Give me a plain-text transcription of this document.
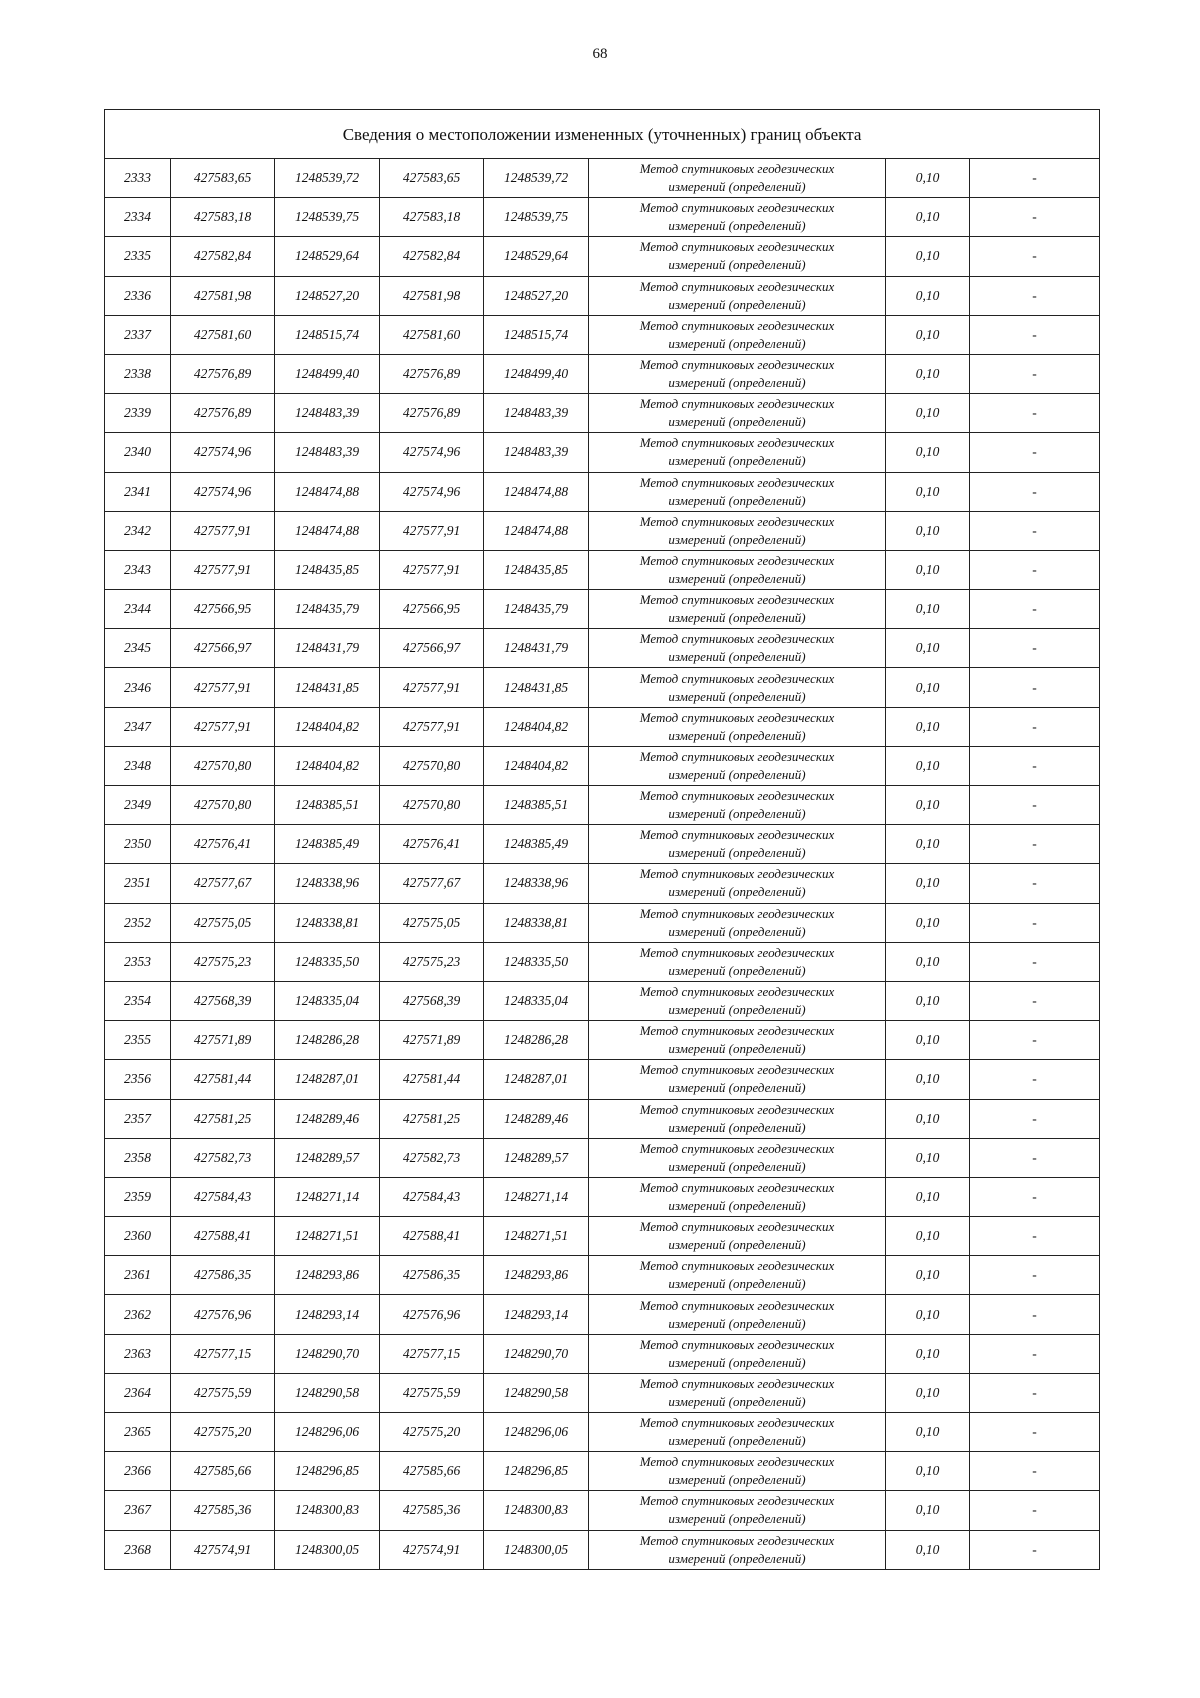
68
Сведения о местоположении измененных (уточненных) границ объекта							
2333	427583,65	1248539,72	427583,65	1248539,72	Метод спутниковых геодезических
измерений (определений)	0,10	-
2334	427583,18	1248539,75	427583,18	1248539,75	Метод спутниковых геодезических
измерений (определений)	0,10	-
2335	427582,84	1248529,64	427582,84	1248529,64	Метод спутниковых геодезических
измерений (определений)	0,10	-
2336	427581,98	1248527,20	427581,98	1248527,20	Метод спутниковых геодезических
измерений (определений)	0,10	-
2337	427581,60	1248515,74	427581,60	1248515,74	Метод спутниковых геодезических
измерений (определений)	0,10	-
2338	427576,89	1248499,40	427576,89	1248499,40	Метод спутниковых геодезических
измерений (определений)	0,10	-
2339	427576,89	1248483,39	427576,89	1248483,39	Метод спутниковых геодезических
измерений (определений)	0,10	-
2340	427574,96	1248483,39	427574,96	1248483,39	Метод спутниковых геодезических
измерений (определений)	0,10	-
2341	427574,96	1248474,88	427574,96	1248474,88	Метод спутниковых геодезических
измерений (определений)	0,10	-
2342	427577,91	1248474,88	427577,91	1248474,88	Метод спутниковых геодезических
измерений (определений)	0,10	-
2343	427577,91	1248435,85	427577,91	1248435,85	Метод спутниковых геодезических
измерений (определений)	0,10	-
2344	427566,95	1248435,79	427566,95	1248435,79	Метод спутниковых геодезических
измерений (определений)	0,10	-
2345	427566,97	1248431,79	427566,97	1248431,79	Метод спутниковых геодезических
измерений (определений)	0,10	-
2346	427577,91	1248431,85	427577,91	1248431,85	Метод спутниковых геодезических
измерений (определений)	0,10	-
2347	427577,91	1248404,82	427577,91	1248404,82	Метод спутниковых геодезических
измерений (определений)	0,10	-
2348	427570,80	1248404,82	427570,80	1248404,82	Метод спутниковых геодезических
измерений (определений)	0,10	-
2349	427570,80	1248385,51	427570,80	1248385,51	Метод спутниковых геодезических
измерений (определений)	0,10	-
2350	427576,41	1248385,49	427576,41	1248385,49	Метод спутниковых геодезических
измерений (определений)	0,10	-
2351	427577,67	1248338,96	427577,67	1248338,96	Метод спутниковых геодезических
измерений (определений)	0,10	-
2352	427575,05	1248338,81	427575,05	1248338,81	Метод спутниковых геодезических
измерений (определений)	0,10	-
2353	427575,23	1248335,50	427575,23	1248335,50	Метод спутниковых геодезических
измерений (определений)	0,10	-
2354	427568,39	1248335,04	427568,39	1248335,04	Метод спутниковых геодезических
измерений (определений)	0,10	-
2355	427571,89	1248286,28	427571,89	1248286,28	Метод спутниковых геодезических
измерений (определений)	0,10	-
2356	427581,44	1248287,01	427581,44	1248287,01	Метод спутниковых геодезических
измерений (определений)	0,10	-
2357	427581,25	1248289,46	427581,25	1248289,46	Метод спутниковых геодезических
измерений (определений)	0,10	-
2358	427582,73	1248289,57	427582,73	1248289,57	Метод спутниковых геодезических
измерений (определений)	0,10	-
2359	427584,43	1248271,14	427584,43	1248271,14	Метод спутниковых геодезических
измерений (определений)	0,10	-
2360	427588,41	1248271,51	427588,41	1248271,51	Метод спутниковых геодезических
измерений (определений)	0,10	-
2361	427586,35	1248293,86	427586,35	1248293,86	Метод спутниковых геодезических
измерений (определений)	0,10	-
2362	427576,96	1248293,14	427576,96	1248293,14	Метод спутниковых геодезических
измерений (определений)	0,10	-
2363	427577,15	1248290,70	427577,15	1248290,70	Метод спутниковых геодезических
измерений (определений)	0,10	-
2364	427575,59	1248290,58	427575,59	1248290,58	Метод спутниковых геодезических
измерений (определений)	0,10	-
2365	427575,20	1248296,06	427575,20	1248296,06	Метод спутниковых геодезических
измерений (определений)	0,10	-
2366	427585,66	1248296,85	427585,66	1248296,85	Метод спутниковых геодезических
измерений (определений)	0,10	-
2367	427585,36	1248300,83	427585,36	1248300,83	Метод спутниковых геодезических
измерений (определений)	0,10	-
2368	427574,91	1248300,05	427574,91	1248300,05	Метод спутниковых геодезических
измерений (определений)	0,10	-
